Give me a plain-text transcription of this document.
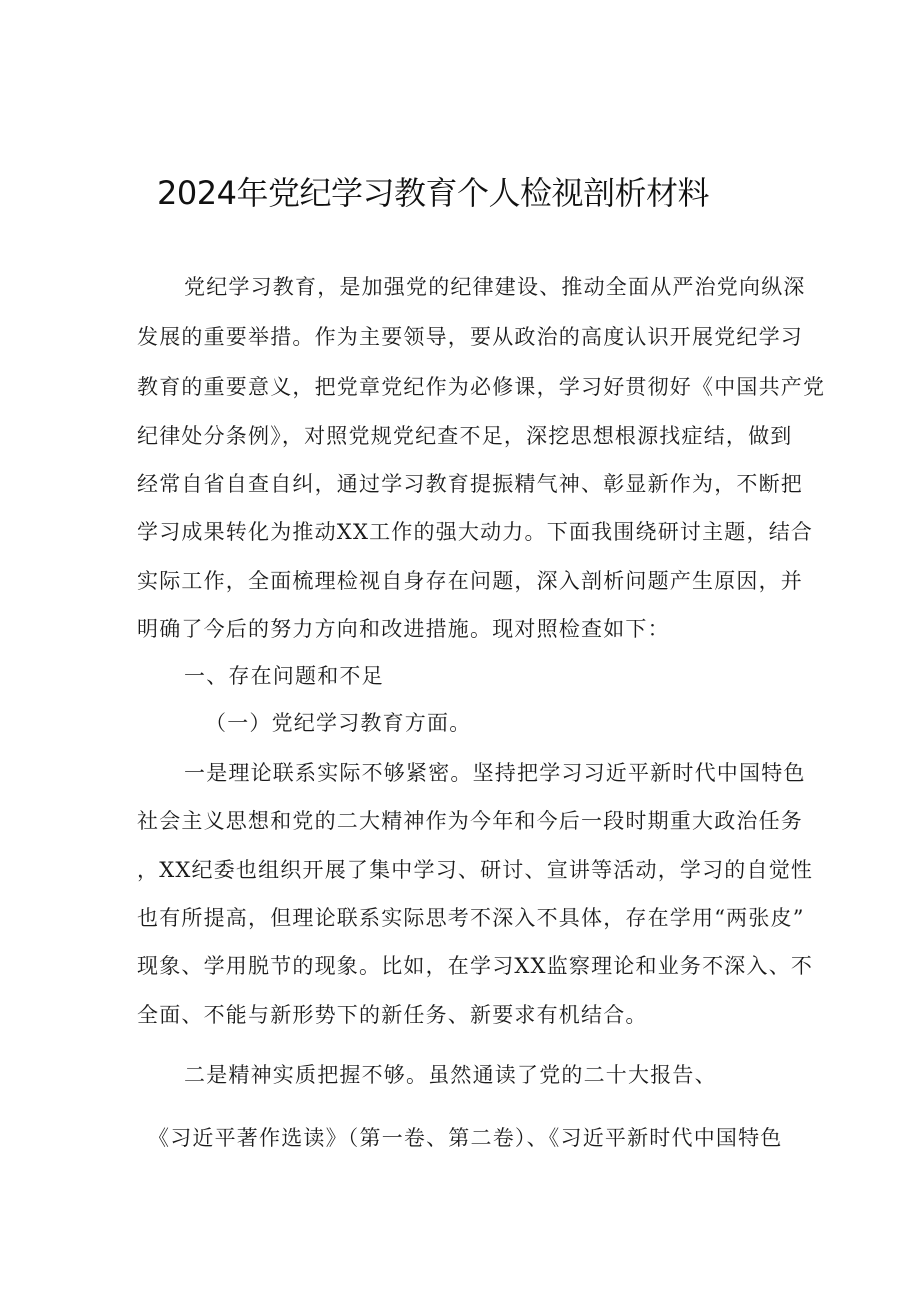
2024年党纪学习教育个人检视剖析材料
党纪学习教育，是加强党的纪律建设、推动全面从严治党向纵深
发展的重要举措。作为主要领导，要从政治的高度认识开展党纪学习
教育的重要意义，把党章党纪作为必修课，学习好贯彻好《中国共产党
纪律处分条例》，对照党规党纪查不足，深挖思想根源找症结，做到
经常自省自查自纠，通过学习教育提振精气神、彰显新作为，不断把
学习成果转化为推动XX工作的强大动力。下面我围绕研讨主题，结合
实际工作，全面梳理检视自身存在问题，深入剖析问题产生原因，并
明确了今后的努力方向和改进措施。现对照检查如下：
一、存在问题和不足
（一）党纪学习教育方面。
一是理论联系实际不够紧密。坚持把学习习近平新时代中国特色
社会主义思想和党的二大精神作为今年和今后一段时期重大政治任务
，XX纪委也组织开展了集中学习、研讨、宣讲等活动，学习的自觉性
也有所提高，但理论联系实际思考不深入不具体，存在学用“两张皮”
现象、学用脱节的现象。比如，在学习XX监察理论和业务不深入、不
全面、不能与新形势下的新任务、新要求有机结合。
二是精神实质把握不够。虽然通读了党的二十大报告、
《习近平著作选读》（第一卷、第二卷）、《习近平新时代中国特色
